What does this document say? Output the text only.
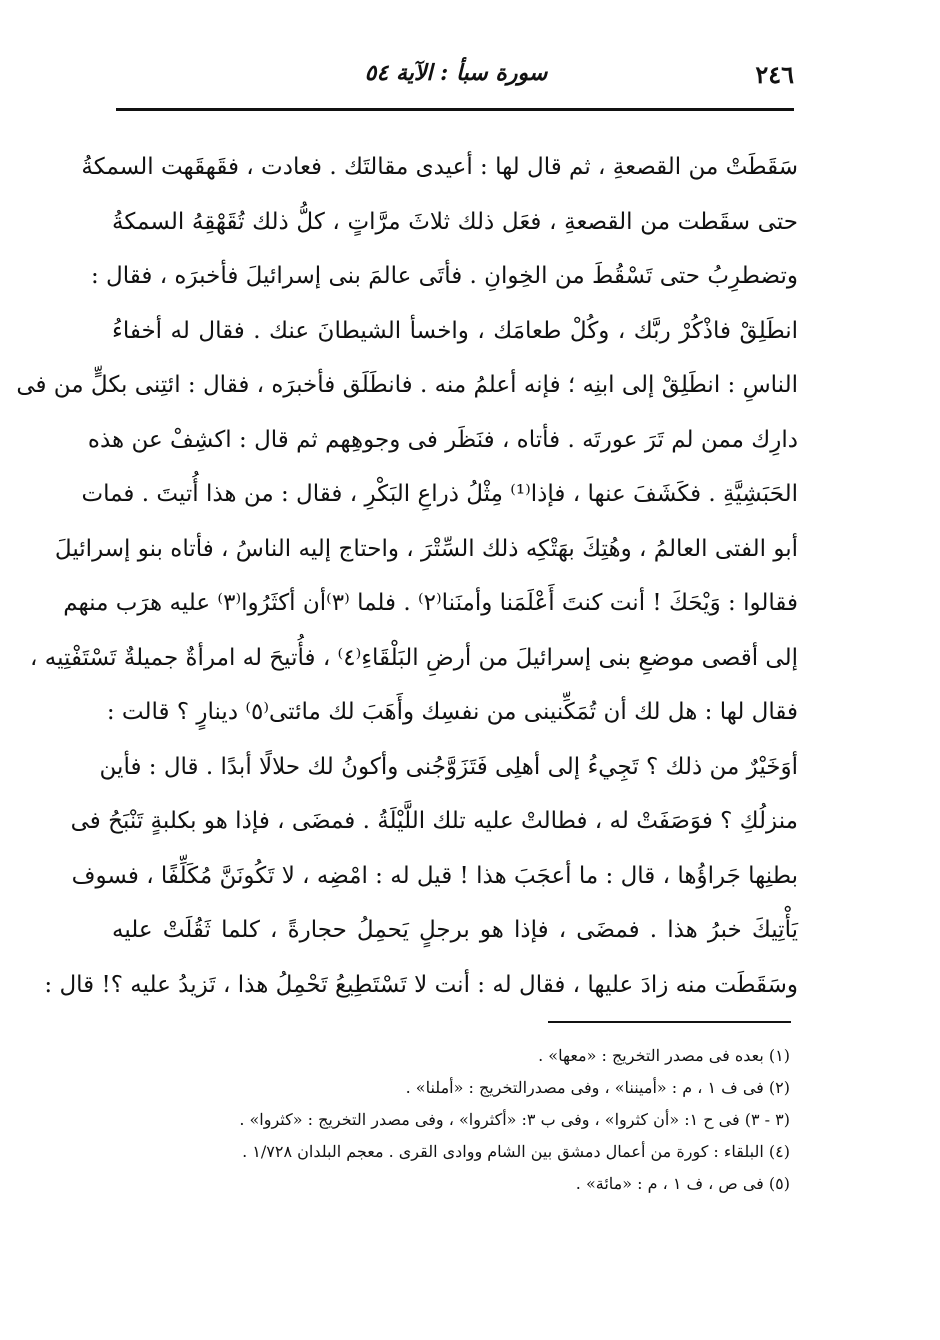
٢٤٦
سورة سبأ : الآية ٥٤
سَقَطَتْ من القصعةِ ، ثم قال لها : أعيدى مقالتَك . فعادت ، فقَهقَهت السمكةُ
حتى سقَطت من القصعةِ ، فعَل ذلك ثلاثَ مرَّاتٍ ، كلُّ ذلك تُقَهْقِهُ السمكةُ
وتضطرِبُ حتى تَسْقُطَ من الخِوانِ . فأتَى عالمَ بنى إسرائيلَ فأخبرَه ، فقال :
انطَلِقْ فاذْكُرْ ربَّك ، وكُلْ طعامَك ، واخسأ الشيطانَ عنك . فقال له أخفاءُ
الناسِ : انطَلِقْ إلى ابنِه ؛ فإنه أعلمُ منه . فانطَلَق فأخبرَه ، فقال : ائتِنى بكلٍّ من فى
دارِك ممن لم تَرَ عورتَه . فأتاه ، فنَظَر فى وجوهِهم ثم قال : اكشِفْ عن هذه
الحَبَشِيَّةِ . فكَشَفَ عنها ، فإذا⁽¹⁾ مِثْلُ ذراعِ البَكْرِ ، فقال : من هذا أُتيتَ . فمات
أبو الفتى العالمُ ، وهُتِكَ بهَتْكِه ذلك السِّتْرَ ، واحتاج إليه الناسُ ، فأتاه بنو إسرائيلَ
فقالوا : وَيْحَكَ ! أنت كنتَ أَعْلَمَنا وأمنَنا⁽٢⁾ . فلما ⁽٣⁾أن أكثَرُوا⁽٣⁾ عليه هرَب منهم
إلى أقصى موضعِ بنى إسرائيلَ من أرضِ البَلْقَاءِ⁽٤⁾ ، فأُتيحَ له امرأةٌ جميلةٌ تَسْتَفْتِيه ،
فقال لها : هل لك أن تُمَكِّنينى من نفسِك وأَهَبَ لك مائتى⁽٥⁾ دينارٍ ؟ قالت :
أوَخَيْرٌ من ذلك ؟ تَجِيءُ إلى أهلِى فَتَزَوَّجُنى وأكونُ لك حلالًا أبدًا . قال : فأين
منزلُكِ ؟ فوَصَفَتْ له ، فطالتْ عليه تلك اللَّيْلَةُ . فمضَى ، فإذا هو بكلبةٍ تَنْبَحُ فى
بطنِها جَراؤُها ، قال : ما أعجَبَ هذا ! قيل له : امْضِه ، لا تَكُونَنَّ مُكَلِّفًا ، فسوف
يَأْتِيكَ خبرُ هذا . فمضَى ، فإذا هو برجلٍ يَحمِلُ حجارةً ، كلما ثَقُلَتْ عليه
وسَقَطَت منه زادَ عليها ، فقال له : أنت لا تَسْتَطِيعُ تَحْمِلُ هذا ، تَزيدُ عليه ؟! قال :
(١) بعده فى مصدر التخريج : «معها» .
(٢) فى ف ١ ، م : «أميننا» ، وفى مصدرالتخريج : «أملنا» .
(٣ - ٣) فى ح ١: «أن كثروا» ، وفى ب ٣: «أكثروا» ، وفى مصدر التخريج : «كثروا» .
(٤) البلقاء : كورة من أعمال دمشق بين الشام ووادى القرى . معجم البلدان ١/٧٢٨ .
(٥) فى ص ، ف ١ ، م : «مائة» .
